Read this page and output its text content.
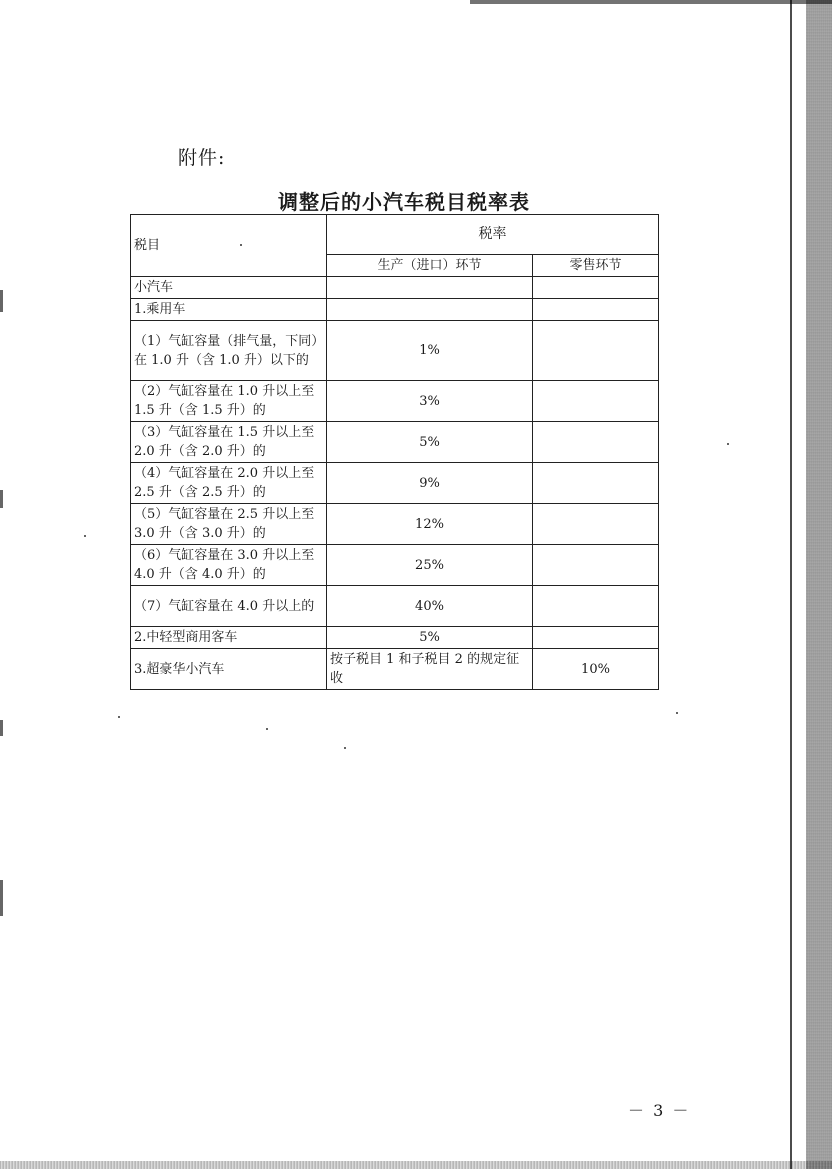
附件:
调整后的小汽车税目税率表
税目	税率	
	生产（进口）环节	零售环节
小汽车		
1.乘用车		
（1）气缸容量（排气量，下同）在 1.0 升（含 1.0 升）以下的	1%	
（2）气缸容量在 1.0 升以上至 1.5 升（含 1.5 升）的	3%	
（3）气缸容量在 1.5 升以上至 2.0 升（含 2.0 升）的	5%	
（4）气缸容量在 2.0 升以上至 2.5 升（含 2.5 升）的	9%	
（5）气缸容量在 2.5 升以上至 3.0 升（含 3.0 升）的	12%	
（6）气缸容量在 3.0 升以上至 4.0 升（含 4.0 升）的	25%	
（7）气缸容量在 4.0 升以上的	40%	
2.中轻型商用客车	5%	
3.超豪华小汽车	按子税目 1 和子税目 2 的规定征收	10%
－ 3 －
